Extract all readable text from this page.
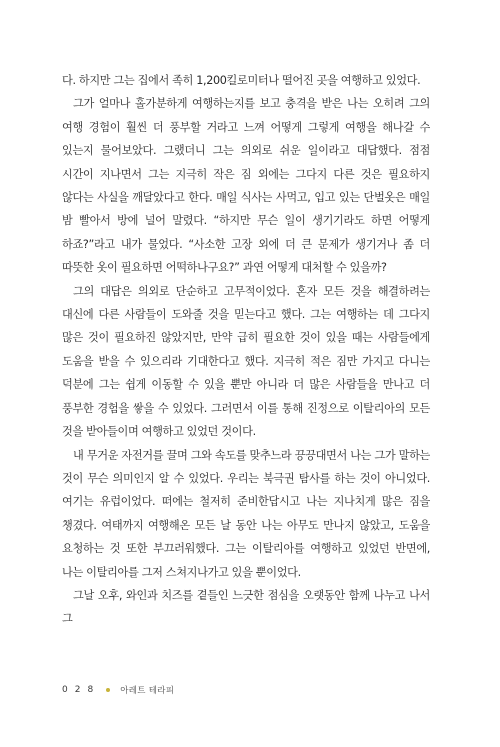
다. 하지만 그는 집에서 족히 1,200킬로미터나 떨어진 곳을 여행하고 있었다.

그가 얼마나 홀가분하게 여행하는지를 보고 충격을 받은 나는 오히려 그의 여행 경험이 훨씬 더 풍부할 거라고 느껴 어떻게 그렇게 여행을 해나갈 수 있는지 물어보았다. 그랬더니 그는 의외로 쉬운 일이라고 대답했다. 점점 시간이 지나면서 그는 지극히 작은 짐 외에는 그다지 다른 것은 필요하지 않다는 사실을 깨달았다고 한다. 매일 식사는 사먹고, 입고 있는 단벌옷은 매일 밤 빨아서 방에 널어 말렸다. “하지만 무슨 일이 생기기라도 하면 어떻게 하죠?”라고 내가 물었다. “사소한 고장 외에 더 큰 문제가 생기거나 좀 더 따뜻한 옷이 필요하면 어떡하나구요?” 과연 어떻게 대처할 수 있을까?

그의 대답은 의외로 단순하고 고무적이었다. 혼자 모든 것을 해결하려는 대신에 다른 사람들이 도와줄 것을 믿는다고 했다. 그는 여행하는 데 그다지 많은 것이 필요하진 않았지만, 만약 급히 필요한 것이 있을 때는 사람들에게 도움을 받을 수 있으리라 기대한다고 했다. 지극히 적은 짐만 가지고 다니는 덕분에 그는 쉽게 이동할 수 있을 뿐만 아니라 더 많은 사람들을 만나고 더 풍부한 경험을 쌓을 수 있었다. 그러면서 이를 통해 진정으로 이탈리아의 모든 것을 받아들이며 여행하고 있었던 것이다.

내 무거운 자전거를 끌며 그와 속도를 맞추느라 끙끙대면서 나는 그가 말하는 것이 무슨 의미인지 알 수 있었다. 우리는 북극권 탐사를 하는 것이 아니었다. 여기는 유럽이었다. 떠에는 철저히 준비한답시고 나는 지나치게 많은 짐을 챙겼다. 여태까지 여행해온 모든 날 동안 나는 아무도 만나지 않았고, 도움을 요청하는 것 또한 부끄러워했다. 그는 이탈리아를 여행하고 있었던 반면에, 나는 이탈리아를 그저 스쳐지나가고 있을 뿐이었다.

그날 오후, 와인과 치즈를 곁들인 느긋한 점심을 오랫동안 함께 나누고 나서 그

028 아레트 테라피
